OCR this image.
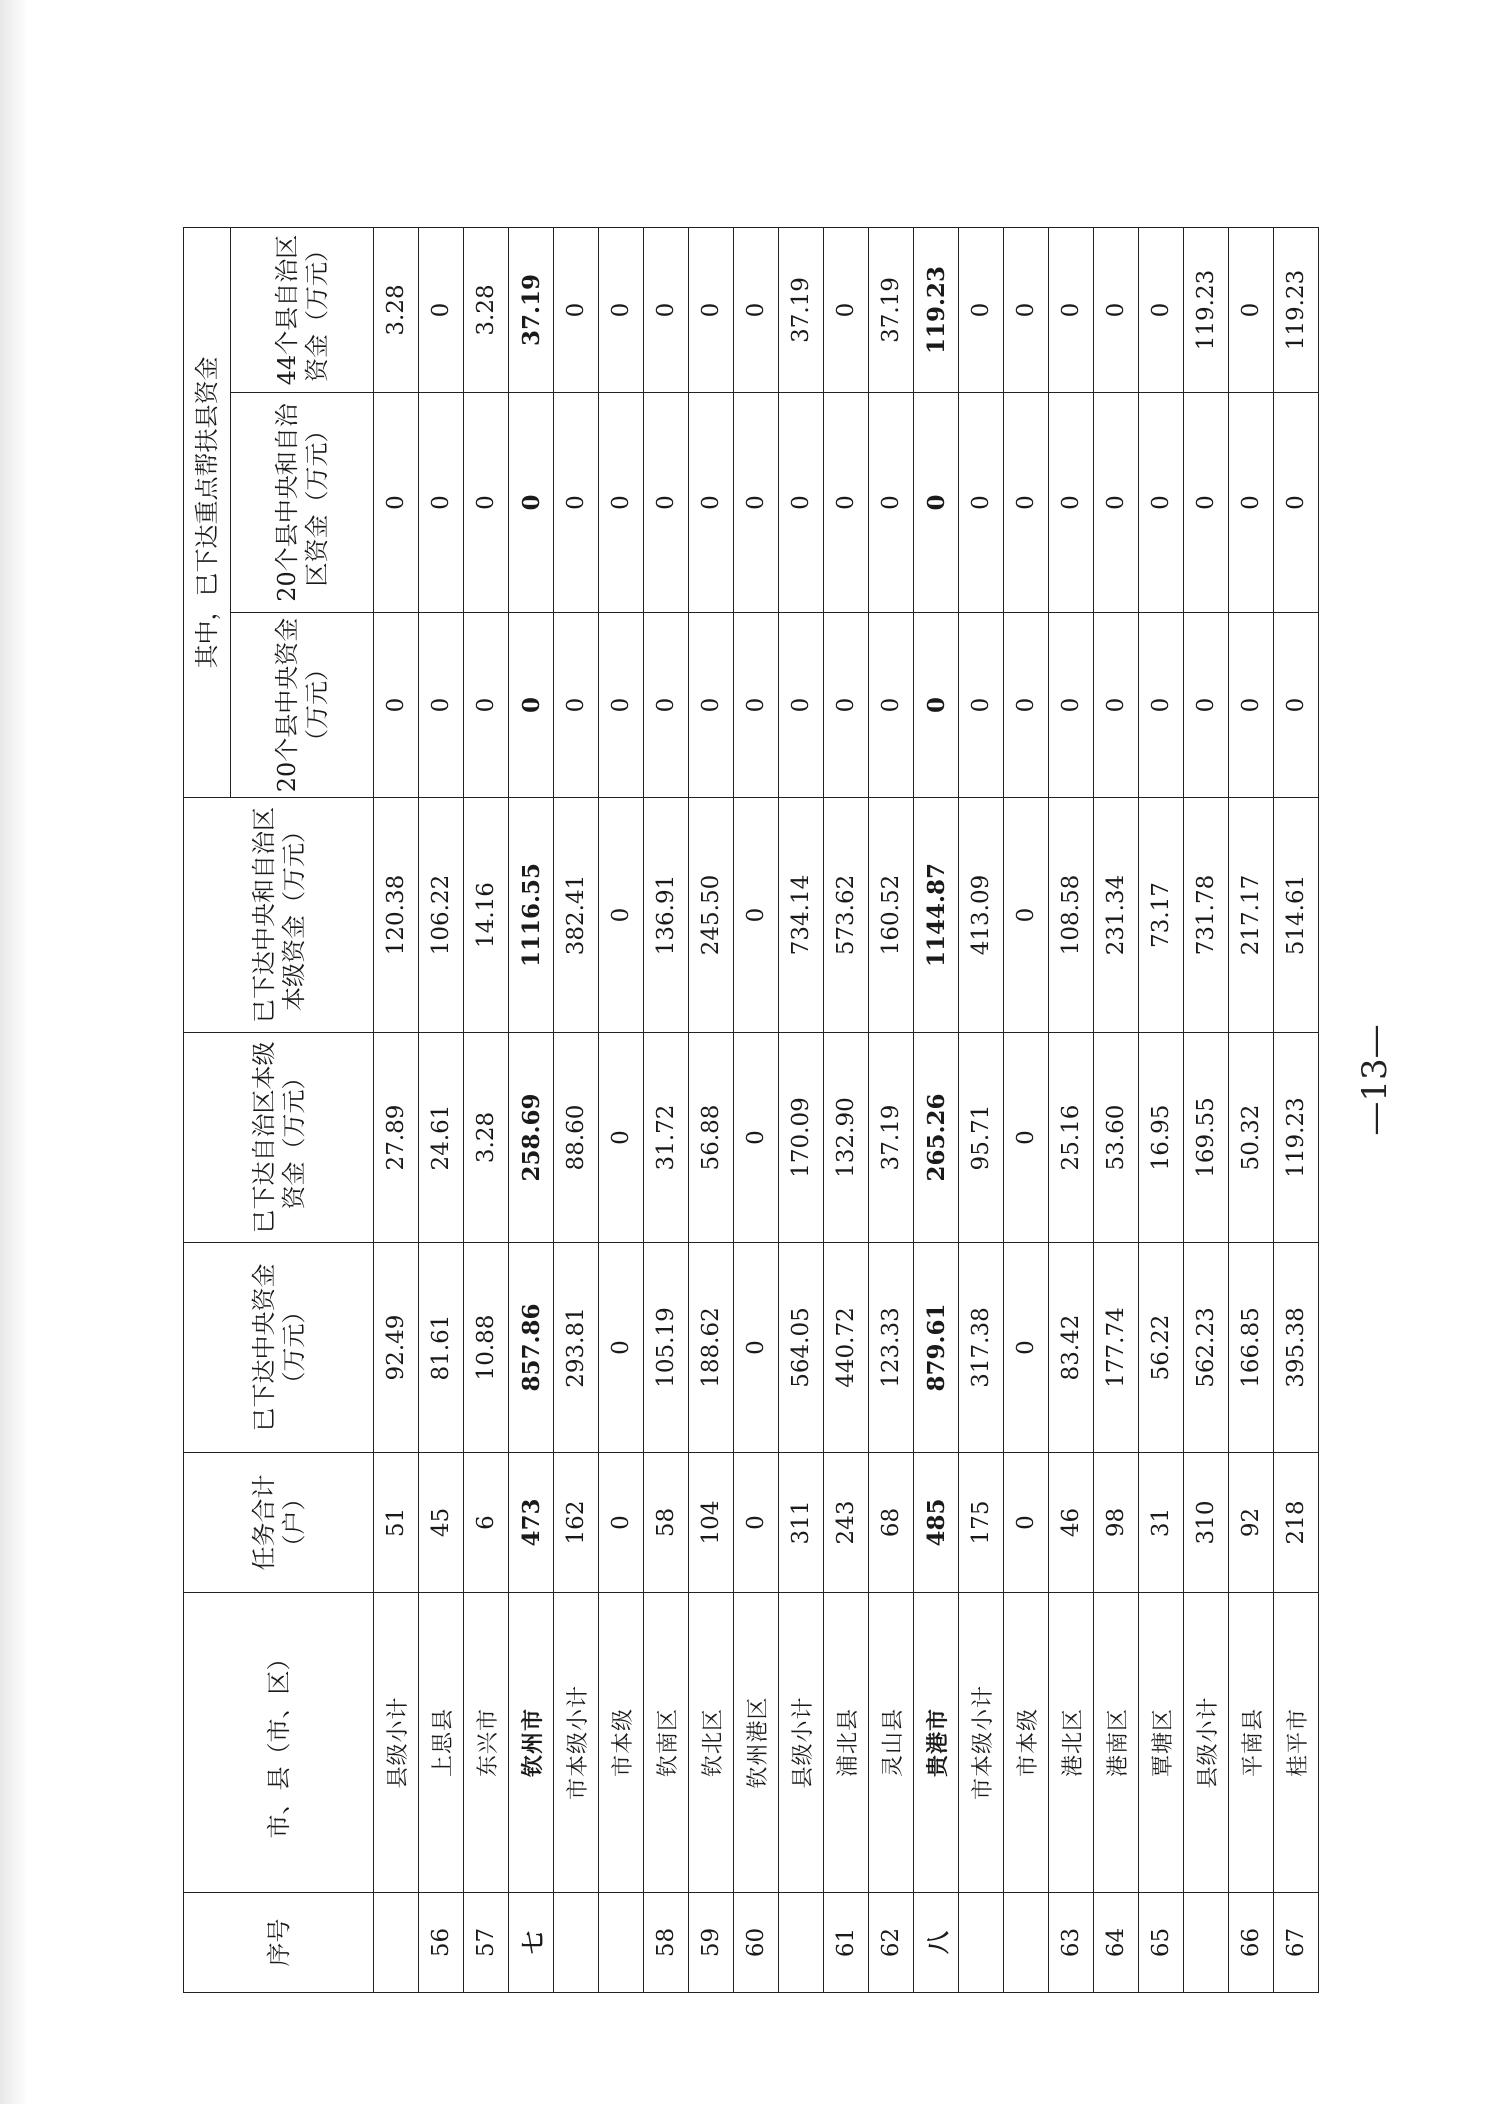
序号	市、县（市、区）	任务合计（户）	已下达中央资金（万元）	已下达自治区本级资金（万元）	已下达中央和自治区本级资金（万元）	其中，已下达重点帮扶县资金		
						20个县中央资金（万元）	20个县中央和自治区资金（万元）	44个县自治区资金（万元）
	县级小计	51	92.49	27.89	120.38	0	0	3.28
56	上思县	45	81.61	24.61	106.22	0	0	0
57	东兴市	6	10.88	3.28	14.16	0	0	3.28
七	钦州市	473	857.86	258.69	1116.55	0	0	37.19
	市本级小计	162	293.81	88.60	382.41	0	0	0
	市本级	0	0	0	0	0	0	0
58	钦南区	58	105.19	31.72	136.91	0	0	0
59	钦北区	104	188.62	56.88	245.50	0	0	0
60	钦州港区	0	0	0	0	0	0	0
	县级小计	311	564.05	170.09	734.14	0	0	37.19
61	浦北县	243	440.72	132.90	573.62	0	0	0
62	灵山县	68	123.33	37.19	160.52	0	0	37.19
八	贵港市	485	879.61	265.26	1144.87	0	0	119.23
	市本级小计	175	317.38	95.71	413.09	0	0	0
	市本级	0	0	0	0	0	0	0
63	港北区	46	83.42	25.16	108.58	0	0	0
64	港南区	98	177.74	53.60	231.34	0	0	0
65	覃塘区	31	56.22	16.95	73.17	0	0	0
	县级小计	310	562.23	169.55	731.78	0	0	119.23
66	平南县	92	166.85	50.32	217.17	0	0	0
67	桂平市	218	395.38	119.23	514.61	0	0	119.23
—13—
